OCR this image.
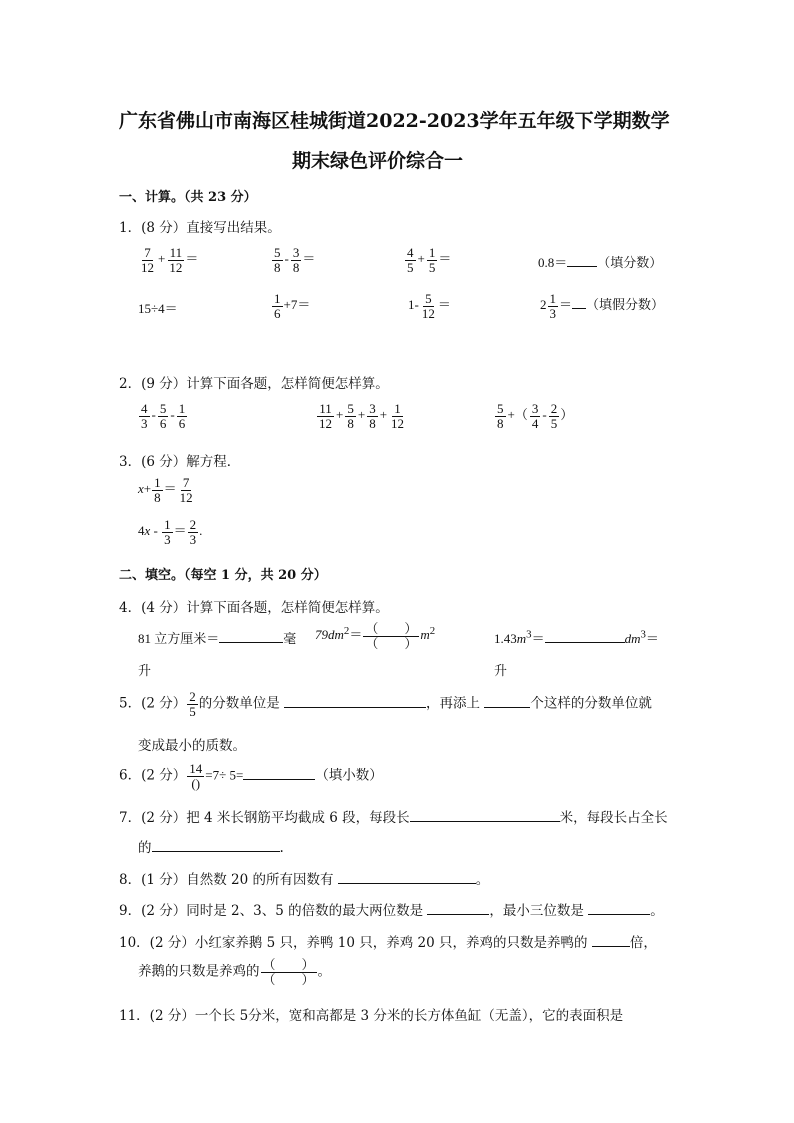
广东省佛山市南海区桂城街道2022-2023学年五年级下学期数学
期末绿色评价综合一
一、计算。（共 23 分）
1．(8 分）直接写出结果。
$\frac{7}{12} + \frac{11}{12}$ ＝	$\frac{5}{8} - \frac{3}{8}$ ＝	$\frac{4}{5} + \frac{1}{5}$ ＝	0.8＝ （填分数）
15÷4＝	$\frac{1}{6} +7=$	$1- \frac{5}{12}$ ＝	$2 \frac{1}{3}$ ＝ （填假分数）
2．(9 分）计算下面各题，怎样简便怎样算。
$\frac{4}{3} - \frac{5}{6} - \frac{1}{6}$	$\frac{11}{12} + \frac{5}{8} + \frac{3}{8} + \frac{1}{12}$	$\frac{5}{8}$ +（ $\frac{3}{4} - \frac{2}{5}$ ）
3．(6 分）解方程．
$x+ \frac{1}{8} = \frac{7}{12}$
$4x - \frac{1}{3} = \frac{2}{3}$ .
二、填空。（每空 1 分，共 20 分）
4．(4 分）计算下面各题，怎样简便怎样算。
81 立方厘米＝	毫
升
$79dm^2= \frac{( )}{( )} m^2$
$1.43m^3=$	$dm^3=$
升
5．(2 分） $\frac{2}{5}$ 的分数单位是	，再添上	个这样的分数单位就
变成最小的质数。
6．(2 分） $\frac{14}{()} =7\div 5=$	（填小数）
7．(2 分）把 4 米长钢筋平均截成 6 段，每段长	米，每段长占全长
的	.
8．(1 分）自然数 20 的所有因数有	。
9．(2 分）同时是 2、3、5 的倍数的最大两位数是	，最小三位数是	。
10．(2 分）小红家养鹅 5 只，养鸭 10 只，养鸡 20 只，养鸡的只数是养鸭的	倍，
养鹅的只数是养鸡的 $\frac{( )}{( )}$ 。
11．(2 分）一个长 5分米，宽和高都是 3 分米的长方体鱼缸（无盖），它的表面积是
